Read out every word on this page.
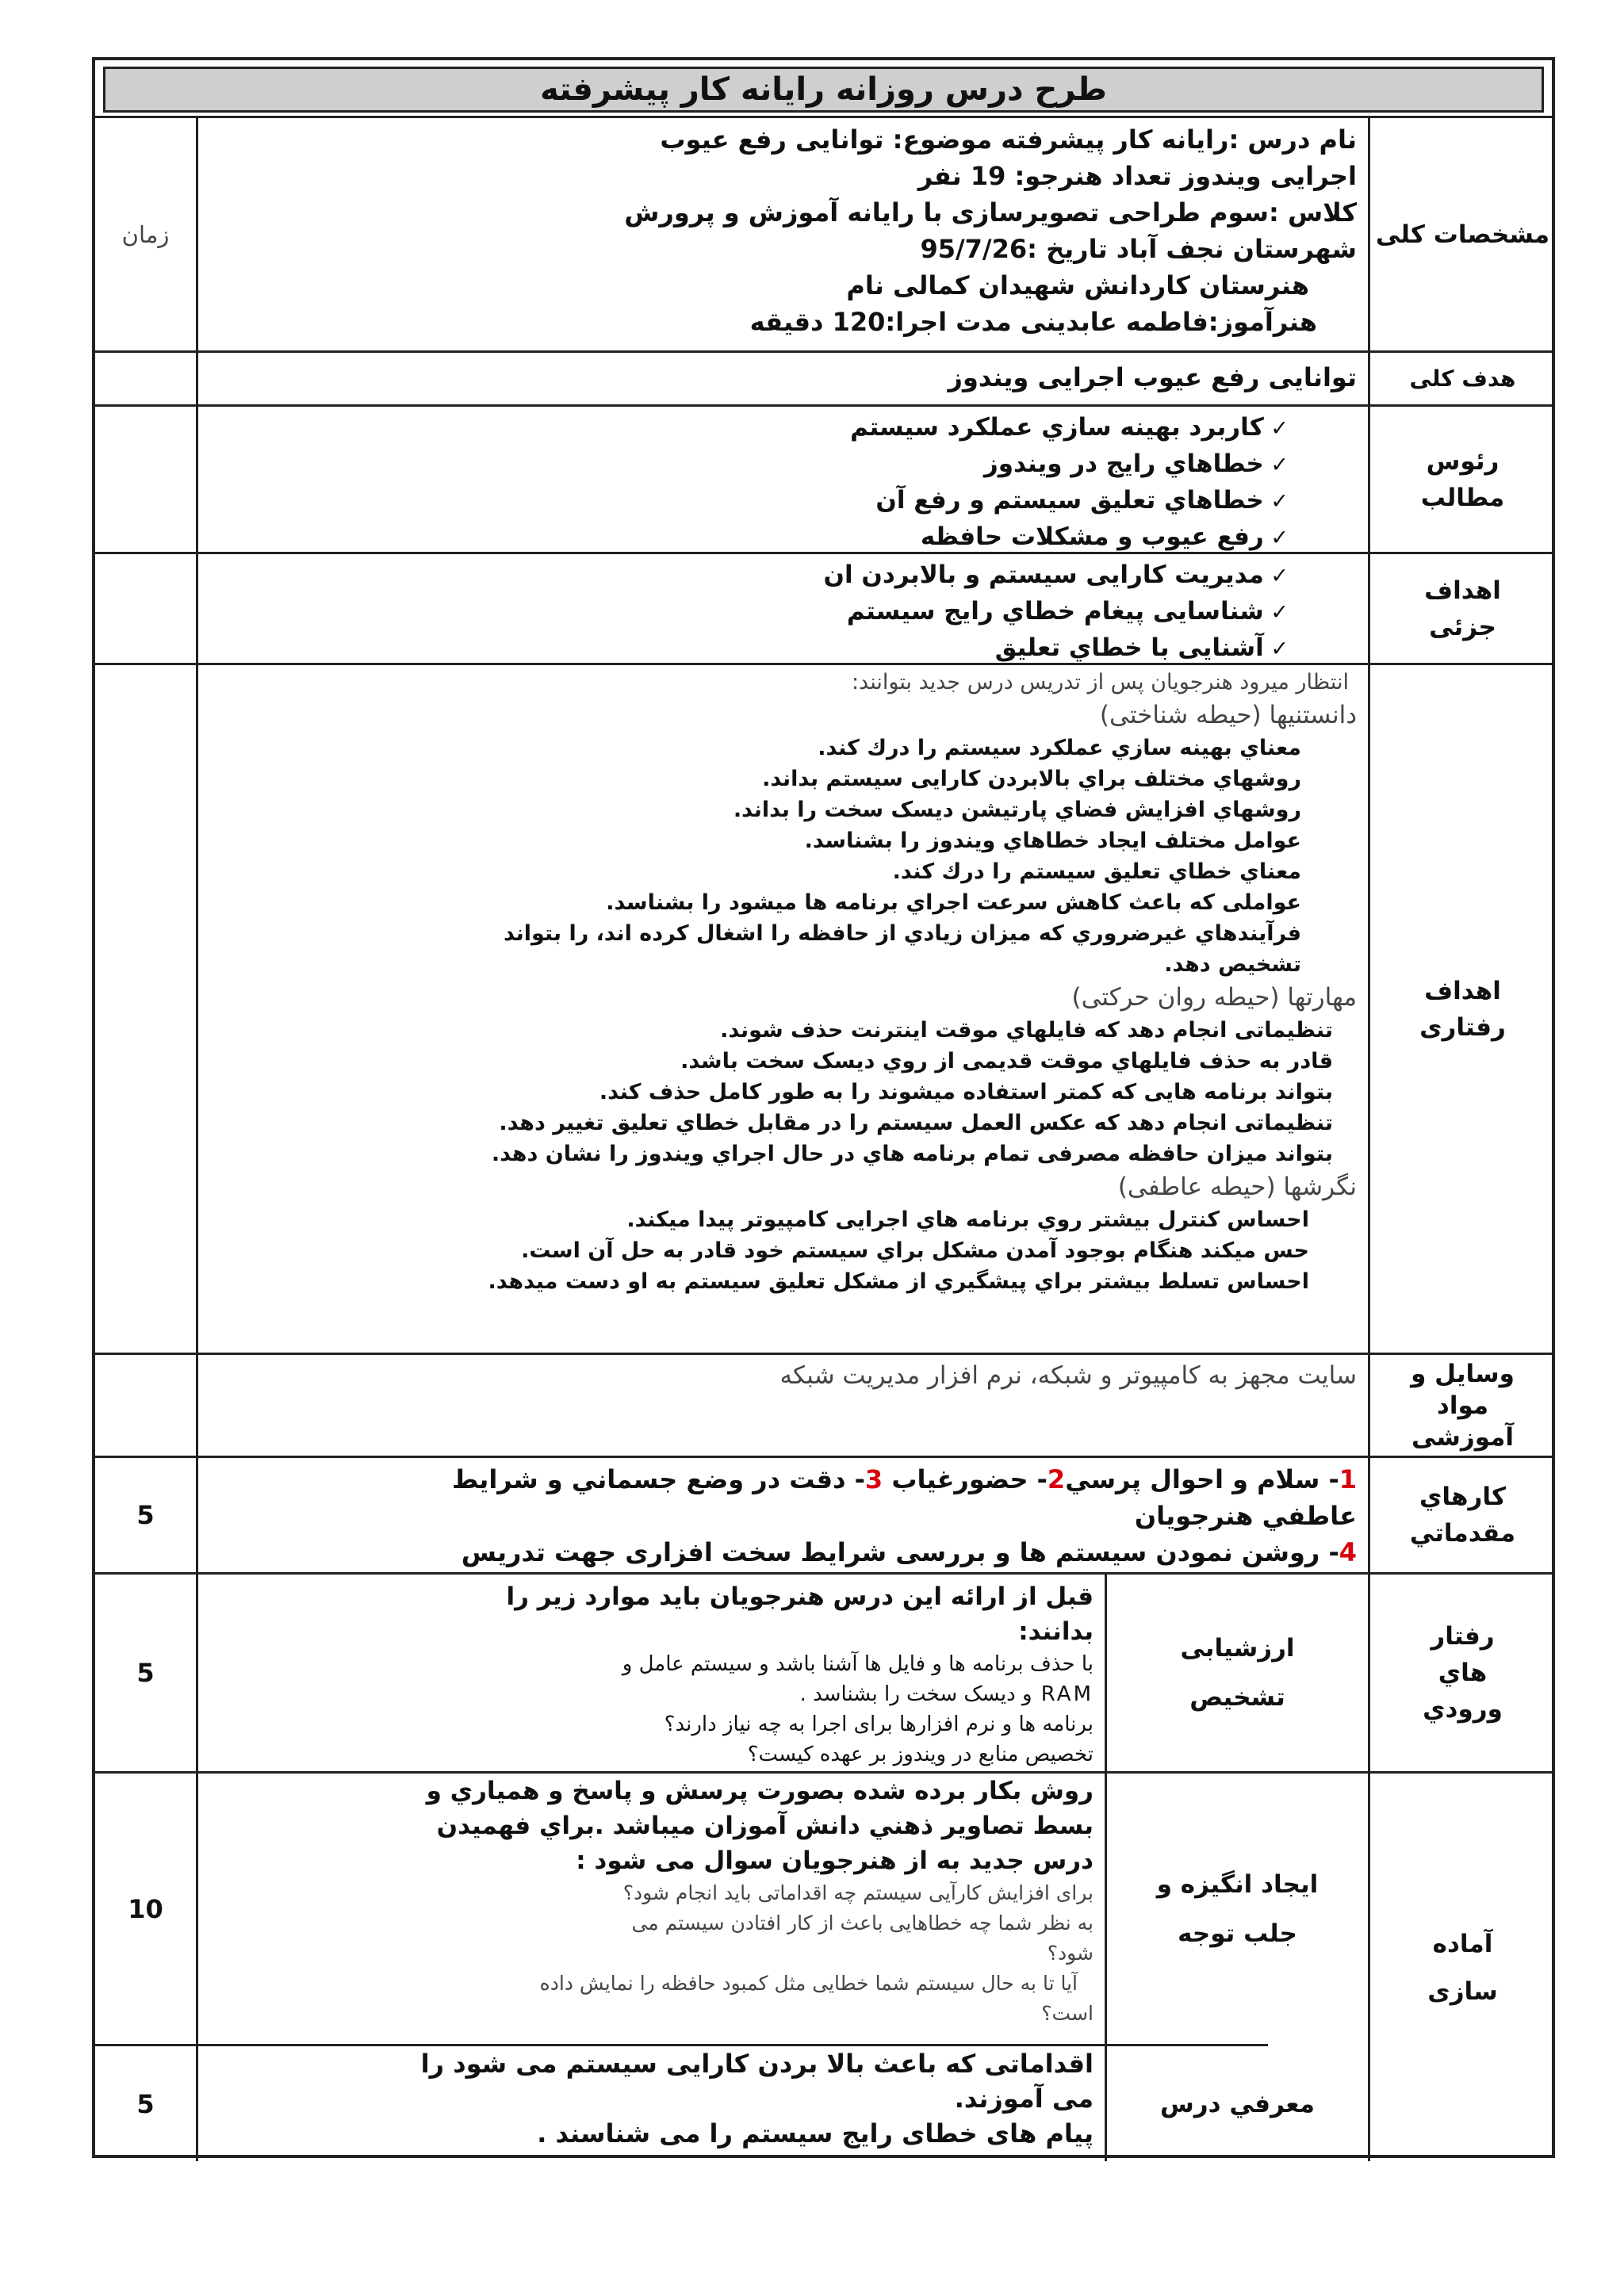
طرح درس روزانه رایانه کار پیشرفته
مشخصات کلی
زمان
نام درس :رایانه کار پیشرفته موضوع: توانایی رفع عیوب
اجرایی ویندوز تعداد هنرجو: 19 نفر
کلاس :سوم طراحی تصویرسازی با رایانه آموزش و پرورش
شهرستان نجف آباد تاریخ :95/7/26
هنرستان کاردانش شهیدان کمالی نام
هنرآموز:فاطمه عابدینی مدت اجرا:120 دقیقه
هدف کلی
توانایی رفع عیوب اجرایی ویندوز
رئوس مطالب
✓ کاربرد بهینه سازي عملکرد سیستم
✓ خطاهاي رایج در ویندوز
✓ خطاهاي تعلیق سیستم و رفع آن
✓ رفع عیوب و مشکلات حافظه
اهداف جزئی
✓ مدیریت کارایی سیستم و بالابردن ان
✓ شناسایی پیغام خطاي رایج سیستم
✓ آشنایی با خطاي تعلیق
اهداف رفتاری
انتظار میرود هنرجویان پس از تدریس درس جدید بتوانند:
دانستنیها (حیطه شناختی)
معناي بهینه سازي عملکرد سیستم را درك کند.
روشهاي مختلف براي بالابردن کارایی سیستم بداند.
روشهاي افزایش فضاي پارتیشن دیسک سخت را بداند.
عوامل مختلف ایجاد خطاهاي ویندوز را بشناسد.
معناي خطاي تعلیق سیستم را درك کند.
عواملی که باعث کاهش سرعت اجراي برنامه ها میشود را بشناسد.
فرآیندهاي غیرضروري که میزان زیادي از حافظه را اشغال کرده اند، را بتواند
تشخیص دهد.
مهارتها (حیطه روان حرکتی)
تنظیماتی انجام دهد که فایلهاي موقت اینترنت حذف شوند.
قادر به حذف فایلهاي موقت قدیمی از روي دیسک سخت باشد.
بتواند برنامه هایی که کمتر استفاده میشوند را به طور کامل حذف کند.
تنظیماتی انجام دهد که عکس العمل سیستم را در مقابل خطاي تعلیق تغییر دهد.
بتواند میزان حافظه مصرفی تمام برنامه هاي در حال اجراي ویندوز را نشان دهد.
نگرشها (حیطه عاطفی)
احساس کنترل بیشتر روي برنامه هاي اجرایی کامپیوتر پیدا میکند.
حس میکند هنگام بوجود آمدن مشکل براي سیستم خود قادر به حل آن است.
احساس تسلط بیشتر براي پیشگیري از مشکل تعلیق سیستم به او دست میدهد.
وسایل و مواد آموزشی
سایت مجهز به کامپیوتر و شبکه، نرم افزار مدیریت شبکه
کارهاي مقدماتي
5
1- سلام و احوال پرسي2- حضورغیاب 3- دقت در وضع جسماني و شرایط
عاطفي هنرجویان
4- روشن نمودن سیستم ها و بررسی شرایط سخت افزاری جهت تدریس
رفتار هاي ورودي
ارزشیابی تشخیص
5
قبل از ارائه این درس هنرجویان باید موارد زیر را
بدانند:
با حذف برنامه ها و فایل ها آشنا باشد و سیستم عامل و
RAM و دیسک سخت را بشناسد .
برنامه ها و نرم افزارها برای اجرا به چه نیاز دارند؟
تخصیص منابع در ویندوز بر عهده کیست؟
آماده سازی
ایجاد انگیزه و جلب توجه
10
روش بکار برده شده بصورت پرسش و پاسخ و همیاري و
بسط تصاویر ذهني دانش آموزان میباشد .براي فهمیدن
درس جدید به از هنرجویان سوال می شود :
برای افزایش کارآیی سیستم چه اقداماتی باید انجام شود؟
به نظر شما چه خطاهایی باعث از کار افتادن سیستم می
شود؟
آیا تا به حال سیستم شما خطایی مثل کمبود حافظه را نمایش داده
است؟
معرفي درس
5
اقداماتی که باعث بالا بردن کارایی سیستم می شود را
می آموزند.
پیام های خطای رایج سیستم را می شناسند .
